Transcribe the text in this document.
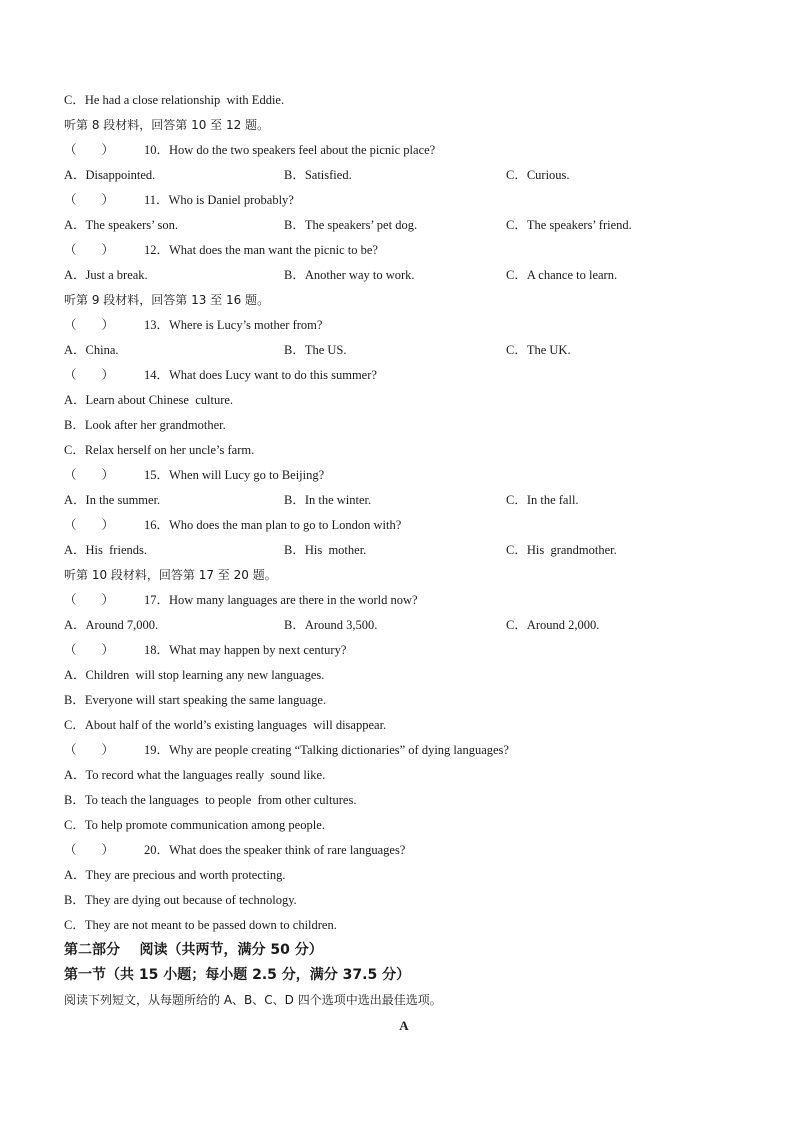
C．He had a close relationship  with Eddie.
听第 8 段材料，回答第 10 至 12 题。
（        ） 10．How do the two speakers feel about the picnic place?
A．Disappointed.	B．Satisfied.	C．Curious.
（        ） 11．Who is Daniel probably?
A．The speakers’ son.	B．The speakers’ pet dog.	C．The speakers’ friend.
（        ） 12．What does the man want the picnic to be?
A．Just a break.	B．Another way to work.	C．A chance to learn.
听第 9 段材料，回答第 13 至 16 题。
（        ） 13．Where is Lucy’s mother from?
A．China.	B．The US.	C．The UK.
（        ） 14．What does Lucy want to do this summer?
A．Learn about Chinese  culture.
B．Look after her grandmother.
C．Relax herself on her uncle’s farm.
（        ） 15．When will Lucy go to Beijing?
A．In the summer.	B．In the winter.	C．In the fall.
（        ） 16．Who does the man plan to go to London with?
A．His  friends.	B．His  mother.	C．His  grandmother.
听第 10 段材料，回答第 17 至 20 题。
（        ） 17．How many languages are there in the world now?
A．Around 7,000.	B．Around 3,500.	C．Around 2,000.
（        ） 18．What may happen by next century?
A．Children  will stop learning any new languages.
B．Everyone will start speaking the same language.
C．About half of the world’s existing languages  will disappear.
（        ） 19．Why are people creating “Talking dictionaries” of dying languages?
A．To record what the languages really  sound like.
B．To teach the languages  to people  from other cultures.
C．To help promote communication among people.
（        ） 20．What does the speaker think of rare languages?
A．They are precious and worth protecting.
B．They are dying out because of technology.
C．They are not meant to be passed down to children.
第二部分    阅读（共两节，满分 50 分）
第一节（共 15 小题；每小题 2.5 分，满分 37.5 分）
阅读下列短文，从每题所给的 A、B、C、D 四个选项中选出最佳选项。
A
